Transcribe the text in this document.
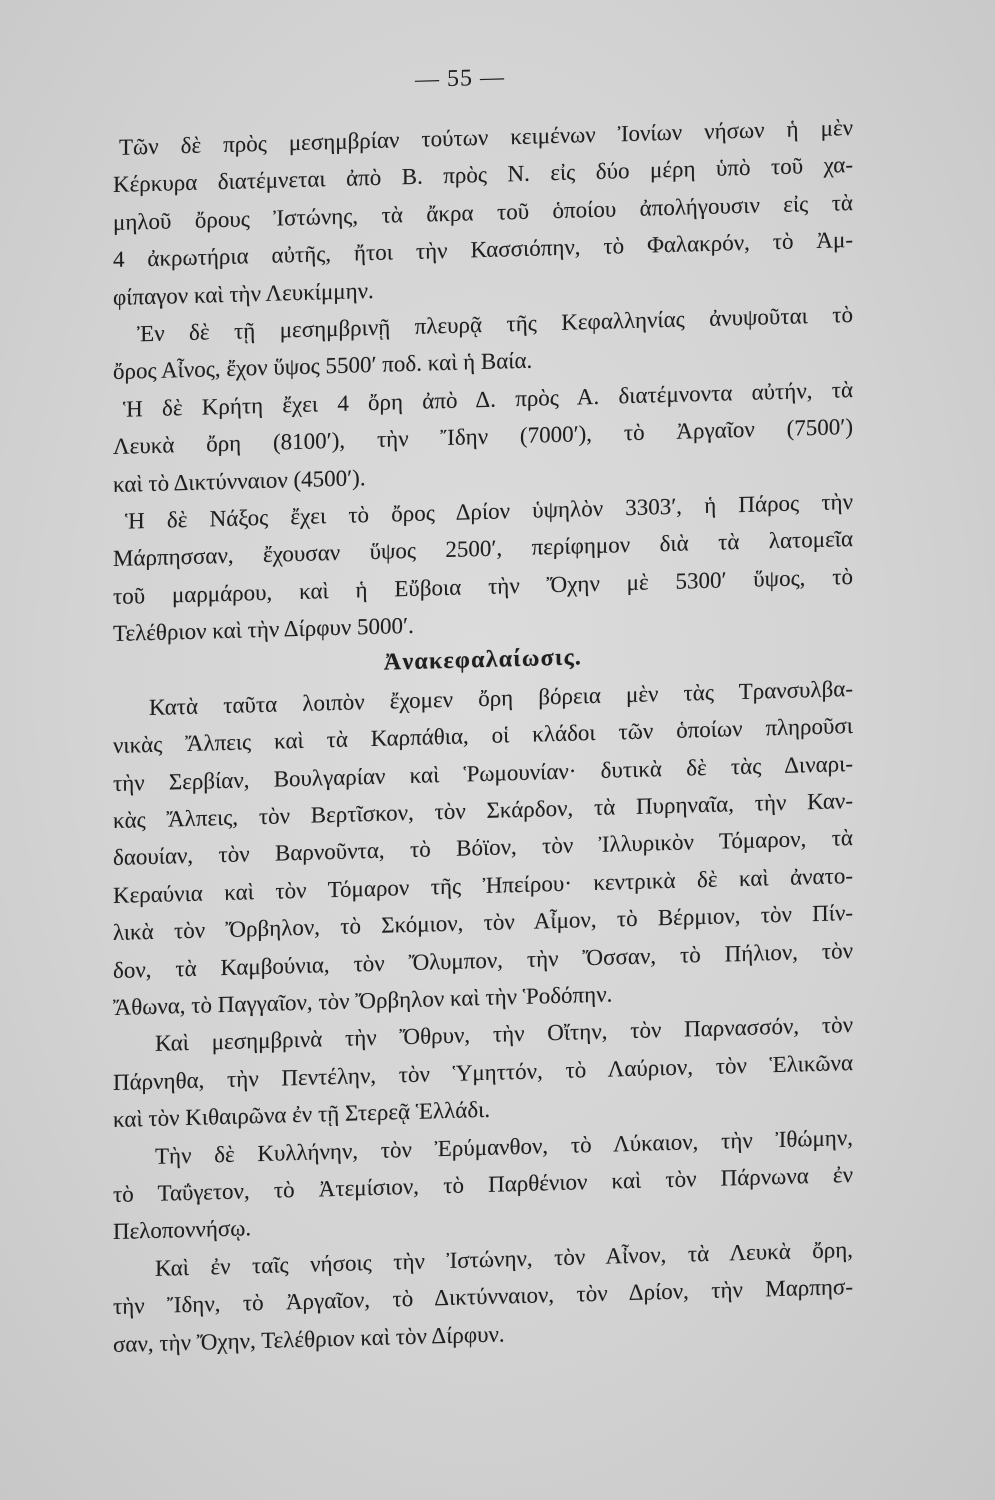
— 55 —
Τῶν δὲ πρὸς μεσημβρίαν τούτων κειμένων Ἰονίων νήσων ἡ μὲν
Κέρκυρα διατέμνεται ἀπὸ Β. πρὸς Ν. εἰς δύο μέρη ὑπὸ τοῦ χα-
μηλοῦ ὄρους Ἰστώνης, τὰ ἄκρα τοῦ ὁποίου ἀπολήγουσιν εἰς τὰ
4 ἀκρωτήρια αὐτῆς, ἤτοι τὴν Κασσιόπην, τὸ Φαλακρόν, τὸ Ἀμ-
φίπαγον καὶ τὴν Λευκίμμην.
Ἐν δὲ τῇ μεσημβρινῇ πλευρᾷ τῆς Κεφαλληνίας ἀνυψοῦται τὸ
ὄρος Αἶνος, ἔχον ὕψος 5500′ ποδ. καὶ ἡ Βαία.
Ἡ δὲ Κρήτη ἔχει 4 ὄρη ἀπὸ Δ. πρὸς Α. διατέμνοντα αὐτήν, τὰ
Λευκὰ ὄρη (8100′), τὴν Ἴδην (7000′), τὸ Ἀργαῖον (7500′)
καὶ τὸ Δικτύνναιον (4500′).
Ἡ δὲ Νάξος ἔχει τὸ ὄρος Δρίον ὑψηλὸν 3303′, ἡ Πάρος τὴν
Μάρπησσαν, ἔχουσαν ὕψος 2500′, περίφημον διὰ τὰ λατομεῖα
τοῦ μαρμάρου, καὶ ἡ Εὔβοια τὴν Ὄχην μὲ 5300′ ὕψος, τὸ
Τελέθριον καὶ τὴν Δίρφυν 5000′.
Ἀνακεφαλαίωσις.
Κατὰ ταῦτα λοιπὸν ἔχομεν ὄρη βόρεια μὲν τὰς Τρανσυλβα-
νικὰς Ἄλπεις καὶ τὰ Καρπάθια, οἱ κλάδοι τῶν ὁποίων πληροῦσι
τὴν Σερβίαν, Βουλγαρίαν καὶ Ῥωμουνίαν· δυτικὰ δὲ τὰς Διναρι-
κὰς Ἄλπεις, τὸν Βερτῖσκον, τὸν Σκάρδον, τὰ Πυρηναῖα, τὴν Καν-
δαουίαν, τὸν Βαρνοῦντα, τὸ Βόϊον, τὸν Ἰλλυρικὸν Τόμαρον, τὰ
Κεραύνια καὶ τὸν Τόμαρον τῆς Ἠπείρου· κεντρικὰ δὲ καὶ ἀνατο-
λικὰ τὸν Ὄρβηλον, τὸ Σκόμιον, τὸν Αἶμον, τὸ Βέρμιον, τὸν Πίν-
δον, τὰ Καμβούνια, τὸν Ὄλυμπον, τὴν Ὄσσαν, τὸ Πήλιον, τὸν
Ἄθωνα, τὸ Παγγαῖον, τὸν Ὄρβηλον καὶ τὴν Ῥοδόπην.
Καὶ μεσημβρινὰ τὴν Ὄθρυν, τὴν Οἴτην, τὸν Παρνασσόν, τὸν
Πάρνηθα, τὴν Πεντέλην, τὸν Ὑμηττόν, τὸ Λαύριον, τὸν Ἑλικῶνα
καὶ τὸν Κιθαιρῶνα ἐν τῇ Στερεᾷ Ἑλλάδι.
Τὴν δὲ Κυλλήνην, τὸν Ἐρύμανθον, τὸ Λύκαιον, τὴν Ἰθώμην,
τὸ Ταΰγετον, τὸ Ἀτεμίσιον, τὸ Παρθένιον καὶ τὸν Πάρνωνα ἐν
Πελοποννήσῳ.
Καὶ ἐν ταῖς νήσοις τὴν Ἰστώνην, τὸν Αἶνον, τὰ Λευκὰ ὄρη,
τὴν Ἴδην, τὸ Ἀργαῖον, τὸ Δικτύνναιον, τὸν Δρίον, τὴν Μαρπησ-
σαν, τὴν Ὄχην, Τελέθριον καὶ τὸν Δίρφυν.
